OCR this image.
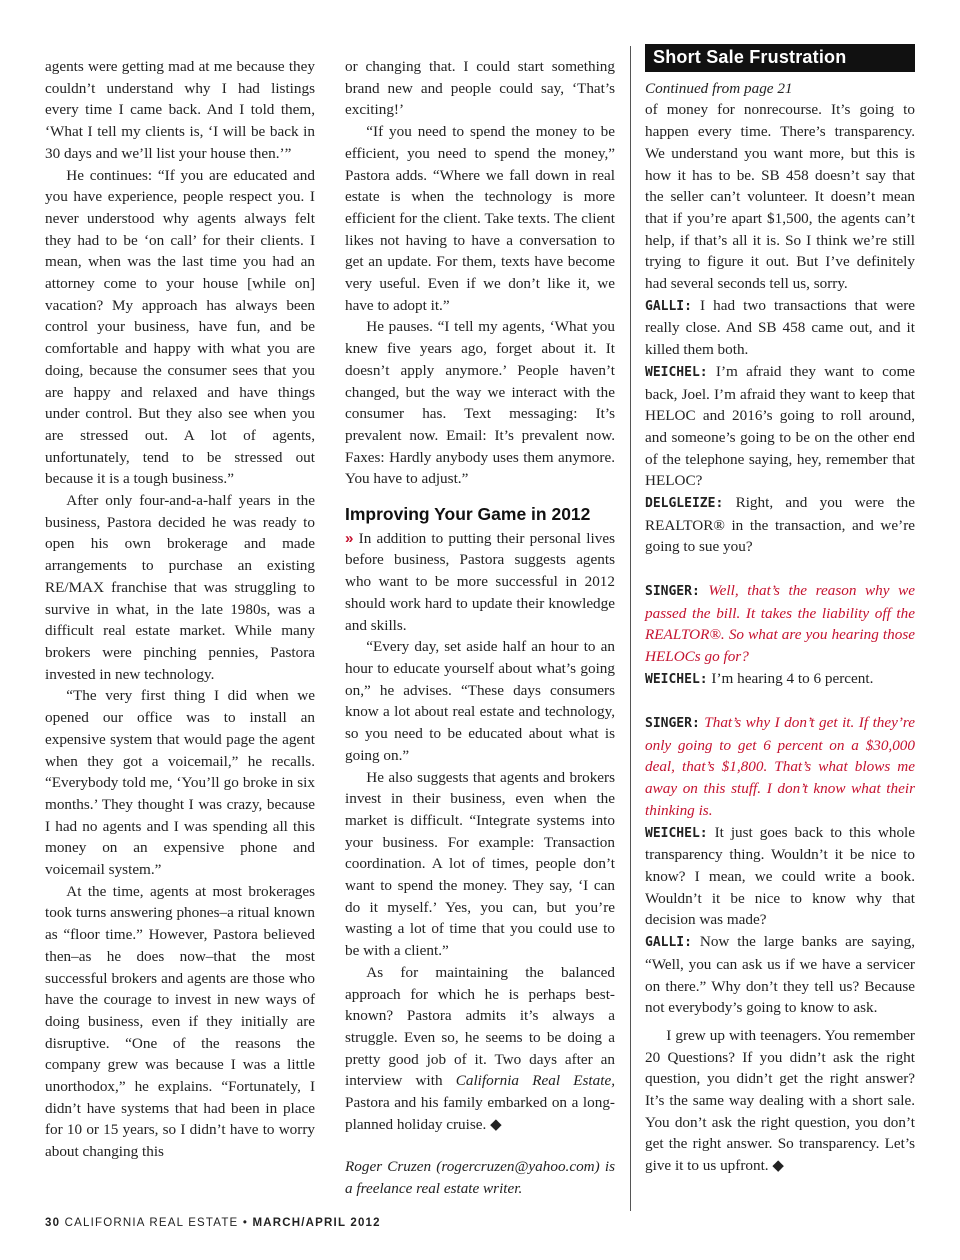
agents were getting mad at me because they couldn’t understand why I had listings every time I came back. And I told them, ‘What I tell my clients is, ‘I will be back in 30 days and we’ll list your house then.’”

He continues: “If you are educated and you have experience, people respect you. I never understood why agents always felt they had to be ‘on call’ for their clients. I mean, when was the last time you had an attorney come to your house [while on] vacation? My approach has always been control your business, have fun, and be comfortable and happy with what you are doing, because the consumer sees that you are happy and relaxed and have things under control. But they also see when you are stressed out. A lot of agents, unfortunately, tend to be stressed out because it is a tough business.”

After only four-and-a-half years in the business, Pastora decided he was ready to open his own brokerage and made arrangements to purchase an existing RE/MAX franchise that was struggling to survive in what, in the late 1980s, was a difficult real estate market. While many brokers were pinching pennies, Pastora invested in new technology.

“The very first thing I did when we opened our office was to install an expensive system that would page the agent when they got a voicemail,” he recalls. “Everybody told me, ‘You’ll go broke in six months.’ They thought I was crazy, because I had no agents and I was spending all this money on an expensive phone and voicemail system.”

At the time, agents at most brokerages took turns answering phones–a ritual known as “floor time.” However, Pastora believed then–as he does now–that the most successful brokers and agents are those who have the courage to invest in new ways of doing business, even if they initially are disruptive. “One of the reasons the company grew was because I was a little unorthodox,” he explains. “Fortunately, I didn’t have systems that had been in place for 10 or 15 years, so I didn’t have to worry about changing this

or changing that. I could start something brand new and people could say, ‘That’s exciting!’

“If you need to spend the money to be efficient, you need to spend the money,” Pastora adds. “Where we fall down in real estate is when the technology is more efficient for the client. Take texts. The client likes not having to have a conversation to get an update. For them, texts have become very useful. Even if we don’t like it, we have to adopt it.”

He pauses. “I tell my agents, ‘What you knew five years ago, forget about it. It doesn’t apply anymore.’ People haven’t changed, but the way we interact with the consumer has. Text messaging: It’s prevalent now. Email: It’s prevalent now. Faxes: Hardly anybody uses them anymore. You have to adjust.”

Improving Your Game in 2012

» In addition to putting their personal lives before business, Pastora suggests agents who want to be more successful in 2012 should work hard to update their knowledge and skills.

“Every day, set aside half an hour to an hour to educate yourself about what’s going on,” he advises. “These days consumers know a lot about real estate and technology, so you need to be educated about what is going on.”

He also suggests that agents and brokers invest in their business, even when the market is difficult. “Integrate systems into your business. For example: Transaction coordination. A lot of times, people don’t want to spend the money. They say, ‘I can do it myself.’ Yes, you can, but you’re wasting a lot of time that you could use to be with a client.”

As for maintaining the balanced approach for which he is perhaps best-known? Pastora admits it’s always a struggle. Even so, he seems to be doing a pretty good job of it. Two days after an interview with California Real Estate, Pastora and his family embarked on a long-planned holiday cruise. ◆

Roger Cruzen (rogercruzen@yahoo.com) is a freelance real estate writer.

Short Sale Frustration

Continued from page 21

of money for nonrecourse. It’s going to happen every time. There’s transparency. We understand you want more, but this is how it has to be. SB 458 doesn’t say that the seller can’t volunteer. It doesn’t mean that if you’re apart $1,500, the agents can’t help, if that’s all it is. So I think we’re still trying to figure it out. But I’ve definitely had several seconds tell us, sorry.

GALLI: I had two transactions that were really close. And SB 458 came out, and it killed them both.

WEICHEL: I’m afraid they want to come back, Joel. I’m afraid they want to keep that HELOC and 2016’s going to roll around, and someone’s going to be on the other end of the telephone saying, hey, remember that HELOC?

DELGLEIZE: Right, and you were the REALTOR® in the transaction, and we’re going to sue you?

SINGER: Well, that’s the reason why we passed the bill. It takes the liability off the REALTOR®. So what are you hearing those HELOCs go for?

WEICHEL: I’m hearing 4 to 6 percent.

SINGER: That’s why I don’t get it. If they’re only going to get 6 percent on a $30,000 deal, that’s $1,800. That’s what blows me away on this stuff. I don’t know what their thinking is.

WEICHEL: It just goes back to this whole transparency thing. Wouldn’t it be nice to know? I mean, we could write a book. Wouldn’t it be nice to know why that decision was made?

GALLI: Now the large banks are saying, “Well, you can ask us if we have a servicer on there.” Why don’t they tell us? Because not everybody’s going to know to ask.

I grew up with teenagers. You remember 20 Questions? If you didn’t ask the right question, you didn’t get the right answer? It’s the same way dealing with a short sale. You don’t ask the right question, you don’t get the right answer. So transparency. Let’s give it to us upfront. ◆

30 CALIFORNIA REAL ESTATE • MARCH/APRIL 2012
